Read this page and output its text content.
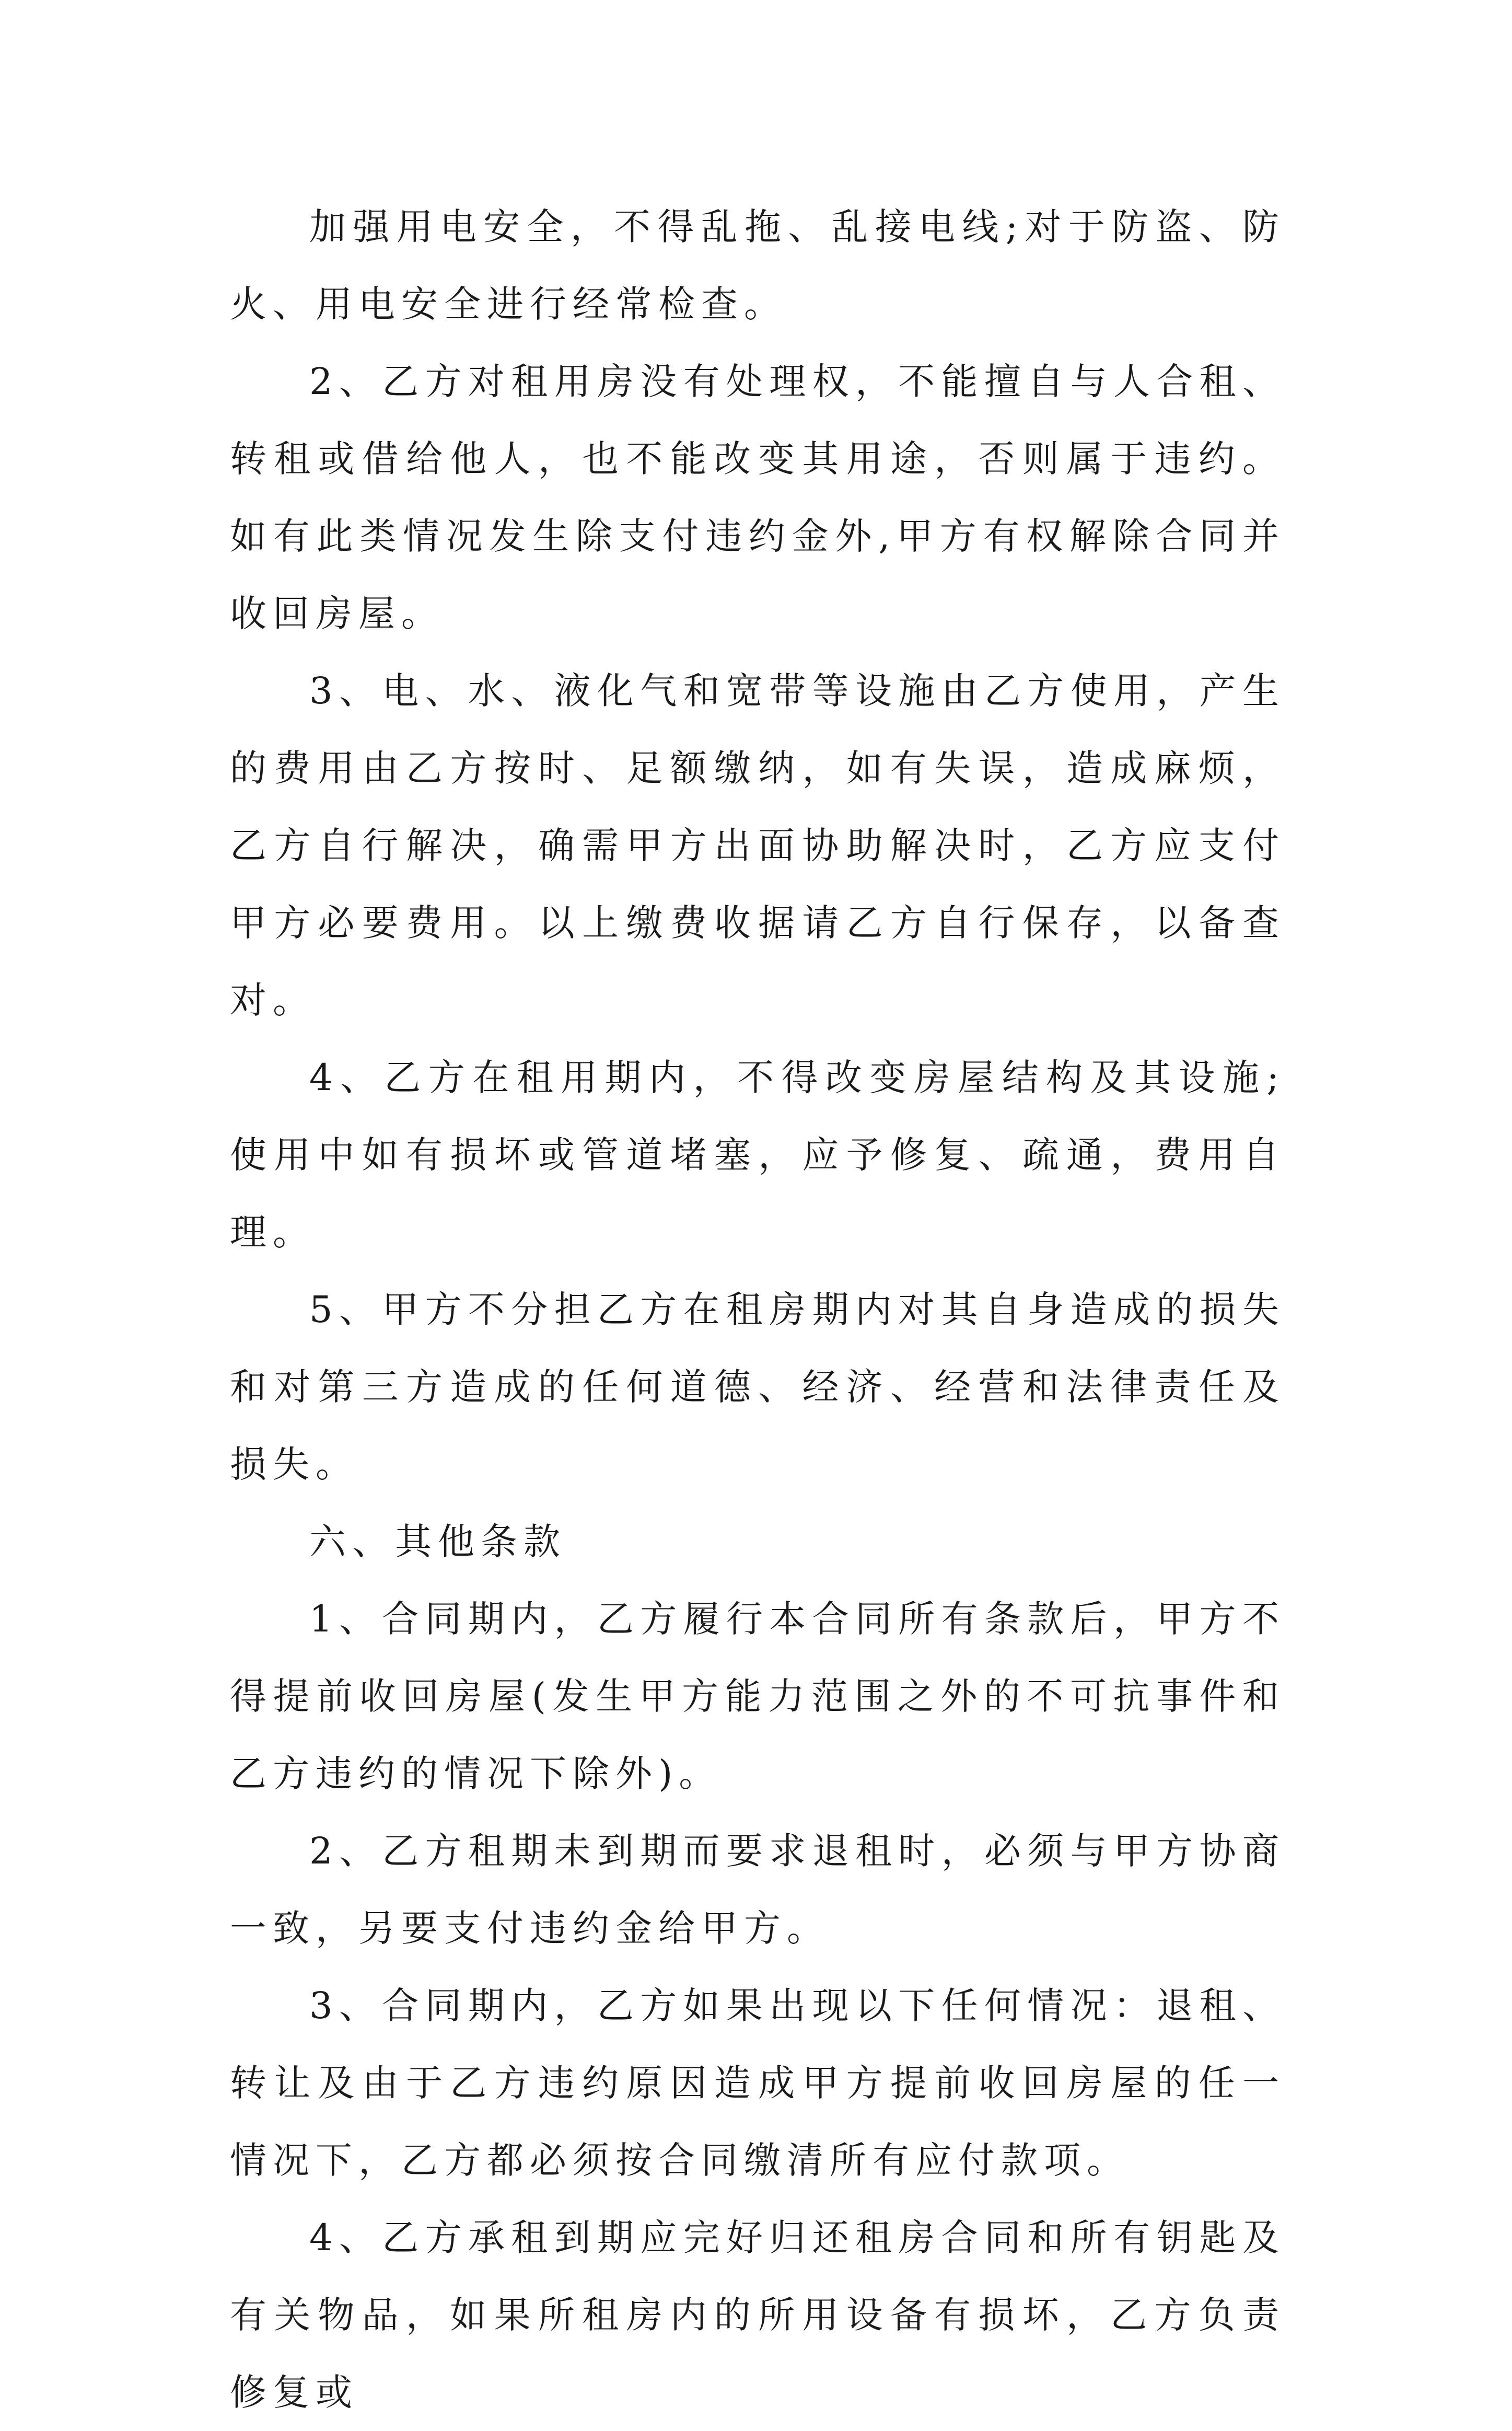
加强用电安全，不得乱拖、乱接电线;对于防盗、防火、用电安全进行经常检查。

2、乙方对租用房没有处理权，不能擅自与人合租、转租或借给他人，也不能改变其用途，否则属于违约。如有此类情况发生除支付违约金外,甲方有权解除合同并收回房屋。

3、电、水、液化气和宽带等设施由乙方使用，产生的费用由乙方按时、足额缴纳，如有失误，造成麻烦，乙方自行解决，确需甲方出面协助解决时，乙方应支付甲方必要费用。以上缴费收据请乙方自行保存，以备查对。

4、乙方在租用期内，不得改变房屋结构及其设施;使用中如有损坏或管道堵塞，应予修复、疏通，费用自理。

5、甲方不分担乙方在租房期内对其自身造成的损失和对第三方造成的任何道德、经济、经营和法律责任及损失。

六、其他条款

1、合同期内，乙方履行本合同所有条款后，甲方不得提前收回房屋(发生甲方能力范围之外的不可抗事件和乙方违约的情况下除外)。

2、乙方租期未到期而要求退租时，必须与甲方协商一致，另要支付违约金给甲方。

3、合同期内，乙方如果出现以下任何情况：退租、转让及由于乙方违约原因造成甲方提前收回房屋的任一情况下，乙方都必须按合同缴清所有应付款项。

4、乙方承租到期应完好归还租房合同和所有钥匙及有关物品，如果所租房内的所用设备有损坏，乙方负责修复或
